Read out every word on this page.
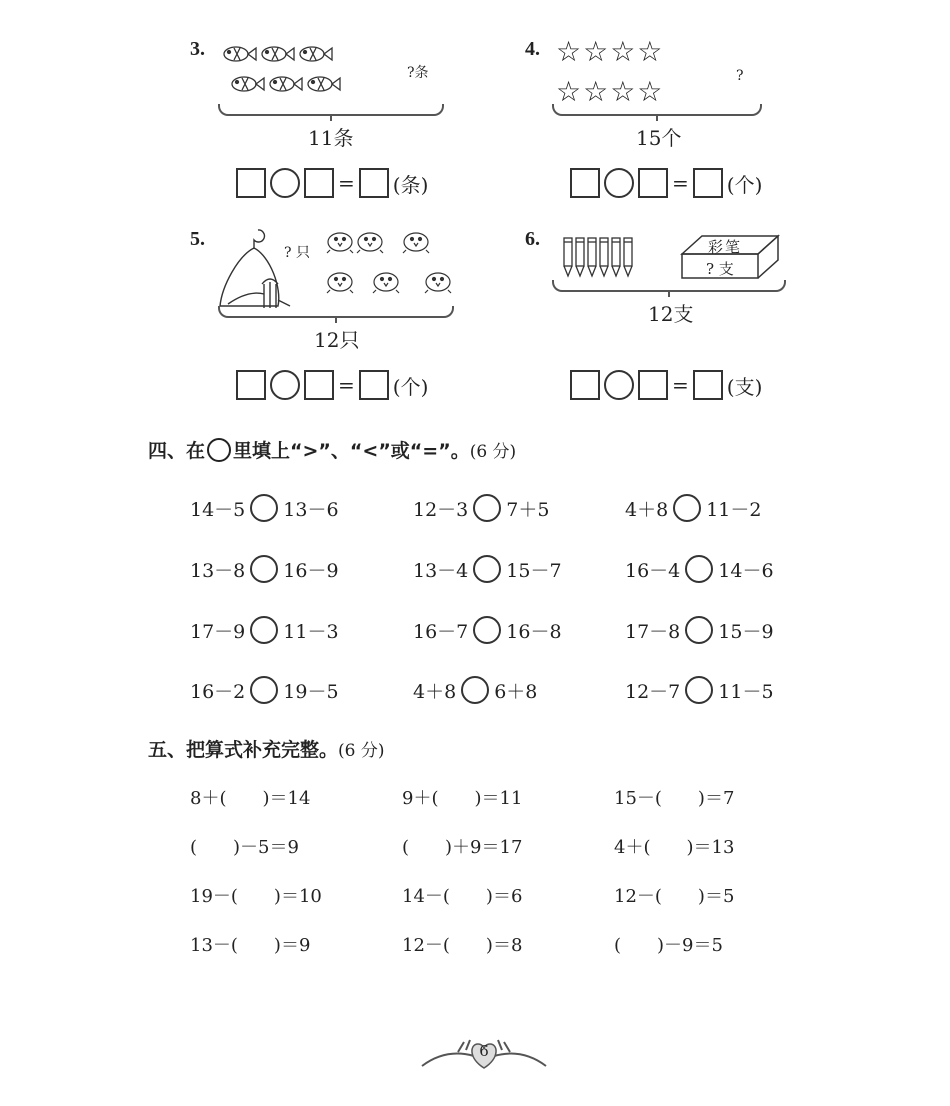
3.
?条
11条
= (条)
4. ☆☆☆☆
☆☆☆☆	?
15个
= (个)
5.
? 只
12只
= (个)
6.	彩笔
? 支
12支
= (支)
四、在 里填上“>”、“<”或“=”。 (6 分)
14－5 13－6	12－3 7＋5	4＋8 11－2
13－8 16－9	13－4 15－7	16－4 14－6
17－9 11－3	16－7 16－8	17－8 15－9
16－2 19－5	4＋8 6＋8	12－7 11－5
五、把算式补充完整。 (6 分)
8＋(　　)＝14	9＋(　　)＝11	15－(　　)＝7
(　　)－5＝9	(　　)＋9＝17	4＋(　　)＝13
19－(　　)＝10	14－(　　)＝6	12－(　　)＝5
13－(　　)＝9	12－(　　)＝8	(　　)－9＝5
6
